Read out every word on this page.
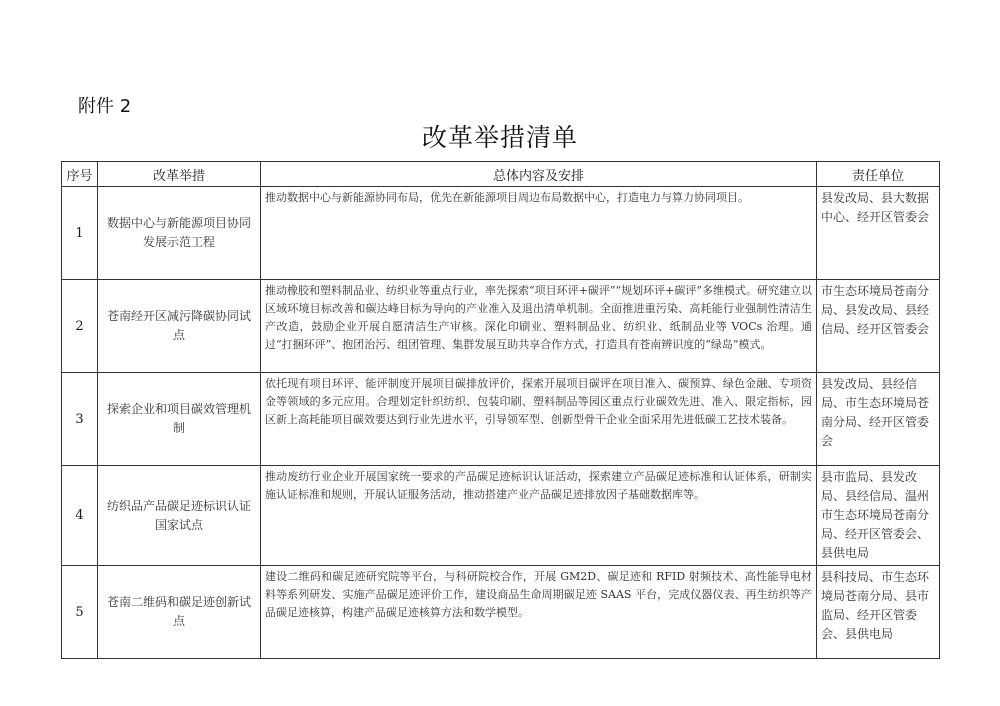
附件 2
改革举措清单
序号	改革举措	总体内容及安排	责任单位
1	数据中心与新能源项目协同发展示范工程	推动数据中心与新能源协同布局，优先在新能源项目周边布局数据中心，打造电力与算力协同项目。	县发改局、县大数据中心、经开区管委会
2	苍南经开区减污降碳协同试点	推动橡胶和塑料制品业、纺织业等重点行业，率先探索“项目环评+碳评”“规划环评+碳评”多维模式。研究建立以区域环境目标改善和碳达峰目标为导向的产业准入及退出清单机制。全面推进重污染、高耗能行业强制性清洁生产改造，鼓励企业开展自愿清洁生产审核。深化印刷业、塑料制品业、纺织业、纸制品业等 VOCs 治理。通过“打捆环评”、抱团治污、组团管理、集群发展互助共享合作方式，打造具有苍南辨识度的“绿岛”模式。	市生态环境局苍南分局、县发改局、县经信局、经开区管委会
3	探索企业和项目碳效管理机制	依托现有项目环评、能评制度开展项目碳排放评价，探索开展项目碳评在项目准入、碳预算、绿色金融、专项资金等领域的多元应用。合理划定针织纺织、包装印刷、塑料制品等园区重点行业碳效先进、准入、限定指标，园区新上高耗能项目碳效要达到行业先进水平，引导领军型、创新型骨干企业全面采用先进低碳工艺技术装备。	县发改局、县经信局、市生态环境局苍南分局、经开区管委会
4	纺织品产品碳足迹标识认证国家试点	推动废纺行业企业开展国家统一要求的产品碳足迹标识认证活动，探索建立产品碳足迹标准和认证体系，研制实施认证标准和规则，开展认证服务活动，推动搭建产业产品碳足迹排放因子基础数据库等。	县市监局、县发改局、县经信局、温州市生态环境局苍南分局、经开区管委会、县供电局
5	苍南二维码和碳足迹创新试点	建设二维码和碳足迹研究院等平台，与科研院校合作，开展 GM2D、碳足迹和 RFID 射频技术、高性能导电材料等系列研发、实施产品碳足迹评价工作，建设商品生命周期碳足迹 SAAS 平台，完成仪器仪表、再生纺织等产品碳足迹核算，构建产品碳足迹核算方法和数学模型。	县科技局、市生态环境局苍南分局、县市监局、经开区管委会、县供电局
